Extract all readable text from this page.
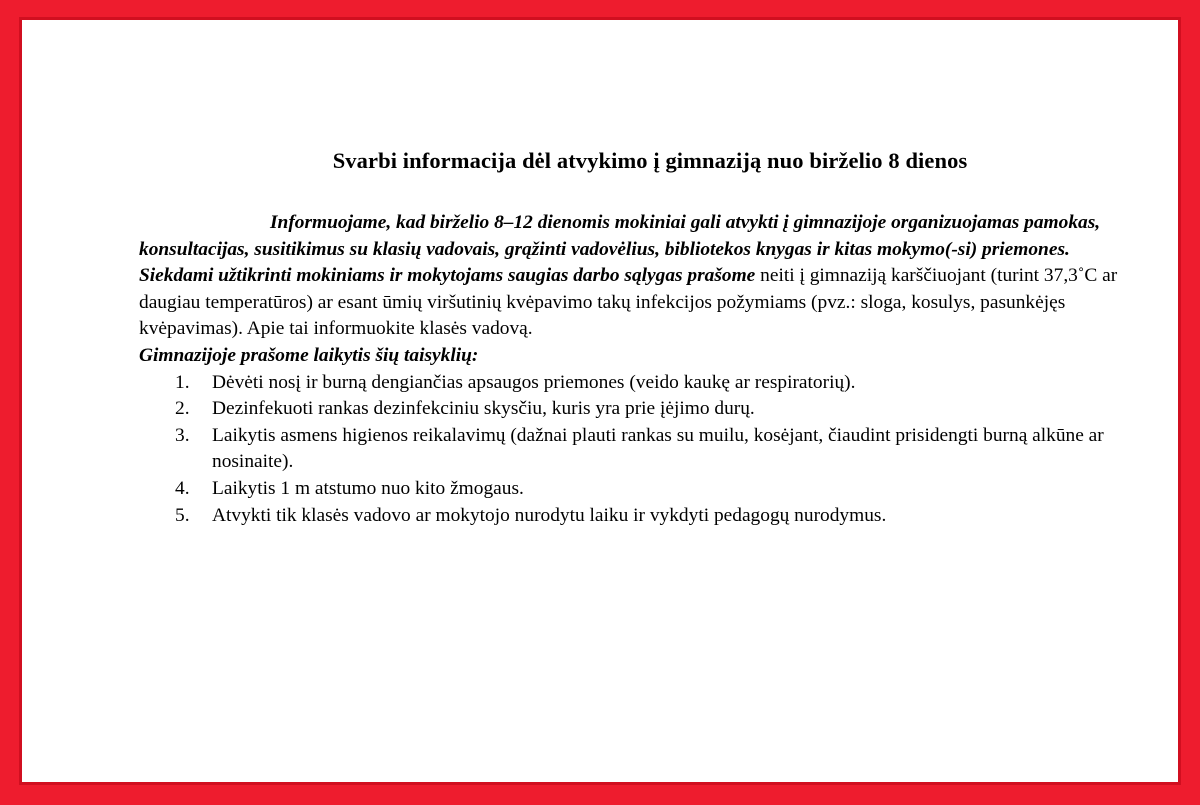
Svarbi informacija dėl atvykimo į gimnaziją nuo birželio 8 dienos

Informuojame, kad birželio 8–12 dienomis mokiniai gali atvykti į gimnazijoje organizuojamas pamokas, konsultacijas, susitikimus su klasių vadovais, grąžinti vadovėlius, bibliotekos knygas ir kitas mokymo(-si) priemones.

Siekdami užtikrinti mokiniams ir mokytojams saugias darbo sąlygas prašome neiti į gimnaziją karščiuojant (turint 37,3˚C ar daugiau temperatūros) ar esant ūmių viršutinių kvėpavimo takų infekcijos požymiams (pvz.: sloga, kosulys, pasunkėjęs kvėpavimas). Apie tai informuokite klasės vadovą.

Gimnazijoje prašome laikytis šių taisyklių:

1.	Dėvėti nosį ir burną dengiančias apsaugos priemones (veido kaukę ar respiratorių).
2.	Dezinfekuoti rankas dezinfekciniu skysčiu, kuris yra prie įėjimo durų.
3.	Laikytis asmens higienos reikalavimų (dažnai plauti rankas su muilu, kosėjant, čiaudint prisidengti burną alkūne ar nosinaite).
4.	Laikytis 1 m atstumo nuo kito žmogaus.
5.	Atvykti tik klasės vadovo ar mokytojo nurodytu laiku ir vykdyti pedagogų nurodymus.
